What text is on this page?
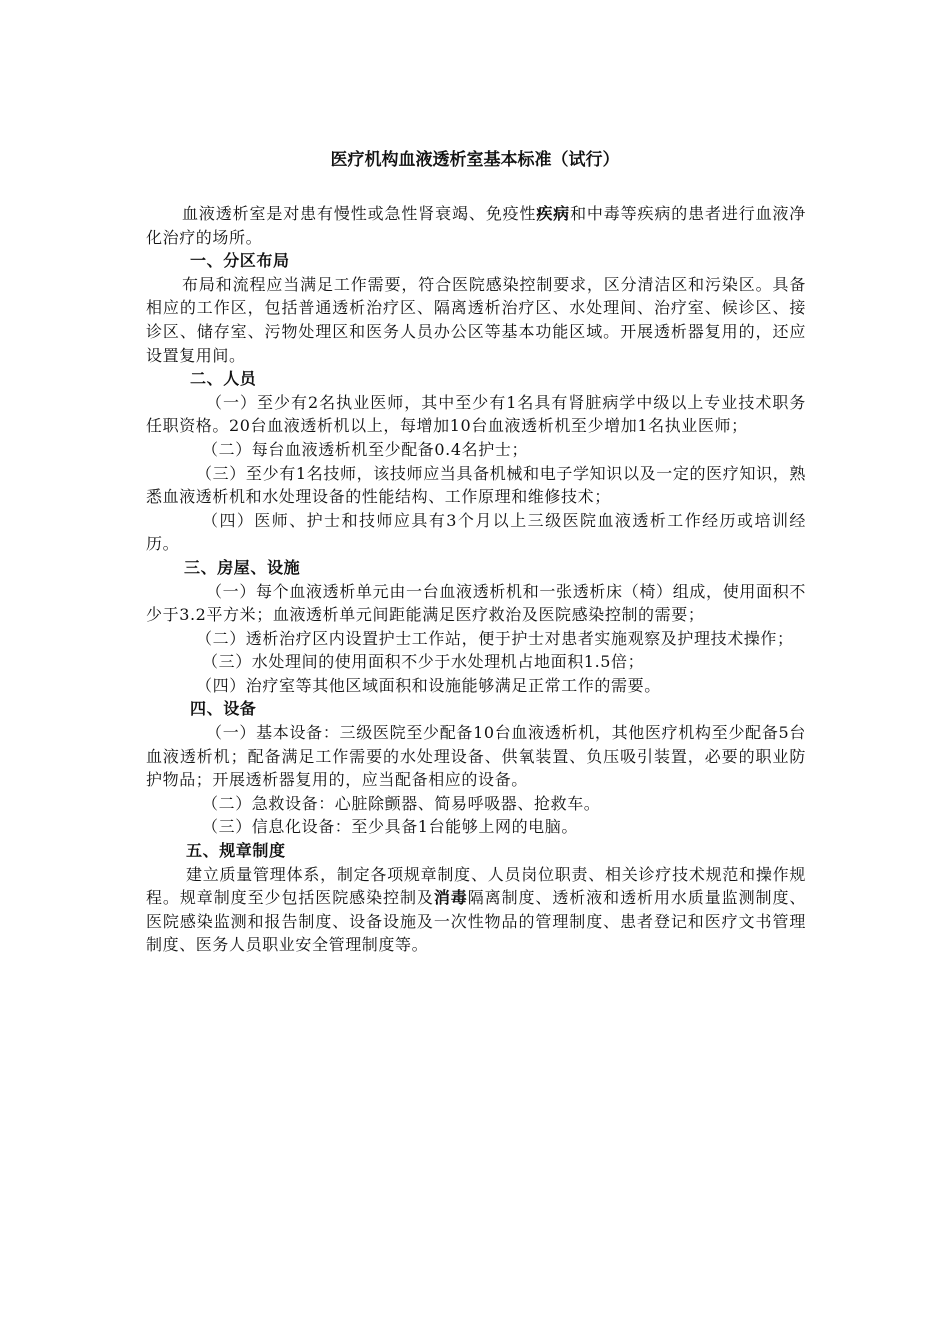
医疗机构血液透析室基本标准（试行）

血液透析室是对患有慢性或急性肾衰竭、免疫性疾病和中毒等疾病的患者进行血液净化治疗的场所。

一、分区布局

布局和流程应当满足工作需要，符合医院感染控制要求，区分清洁区和污染区。具备相应的工作区，包括普通透析治疗区、隔离透析治疗区、水处理间、治疗室、候诊区、接诊区、储存室、污物处理区和医务人员办公区等基本功能区域。开展透析器复用的，还应设置复用间。

二、人员

（一）至少有2名执业医师，其中至少有1名具有肾脏病学中级以上专业技术职务任职资格。20台血液透析机以上，每增加10台血液透析机至少增加1名执业医师；

（二）每台血液透析机至少配备0.4名护士；

（三）至少有1名技师，该技师应当具备机械和电子学知识以及一定的医疗知识，熟悉血液透析机和水处理设备的性能结构、工作原理和维修技术；

（四）医师、护士和技师应具有3个月以上三级医院血液透析工作经历或培训经历。

三、房屋、设施

（一）每个血液透析单元由一台血液透析机和一张透析床（椅）组成，使用面积不少于3.2平方米；血液透析单元间距能满足医疗救治及医院感染控制的需要；

（二）透析治疗区内设置护士工作站，便于护士对患者实施观察及护理技术操作；

（三）水处理间的使用面积不少于水处理机占地面积1.5倍；

（四）治疗室等其他区域面积和设施能够满足正常工作的需要。

四、设备

（一）基本设备：三级医院至少配备10台血液透析机，其他医疗机构至少配备5台血液透析机；配备满足工作需要的水处理设备、供氧装置、负压吸引装置，必要的职业防护物品；开展透析器复用的，应当配备相应的设备。

（二）急救设备：心脏除颤器、简易呼吸器、抢救车。

（三）信息化设备：至少具备1台能够上网的电脑。

五、规章制度

建立质量管理体系，制定各项规章制度、人员岗位职责、相关诊疗技术规范和操作规程。规章制度至少包括医院感染控制及消毒隔离制度、透析液和透析用水质量监测制度、医院感染监测和报告制度、设备设施及一次性物品的管理制度、患者登记和医疗文书管理制度、医务人员职业安全管理制度等。
